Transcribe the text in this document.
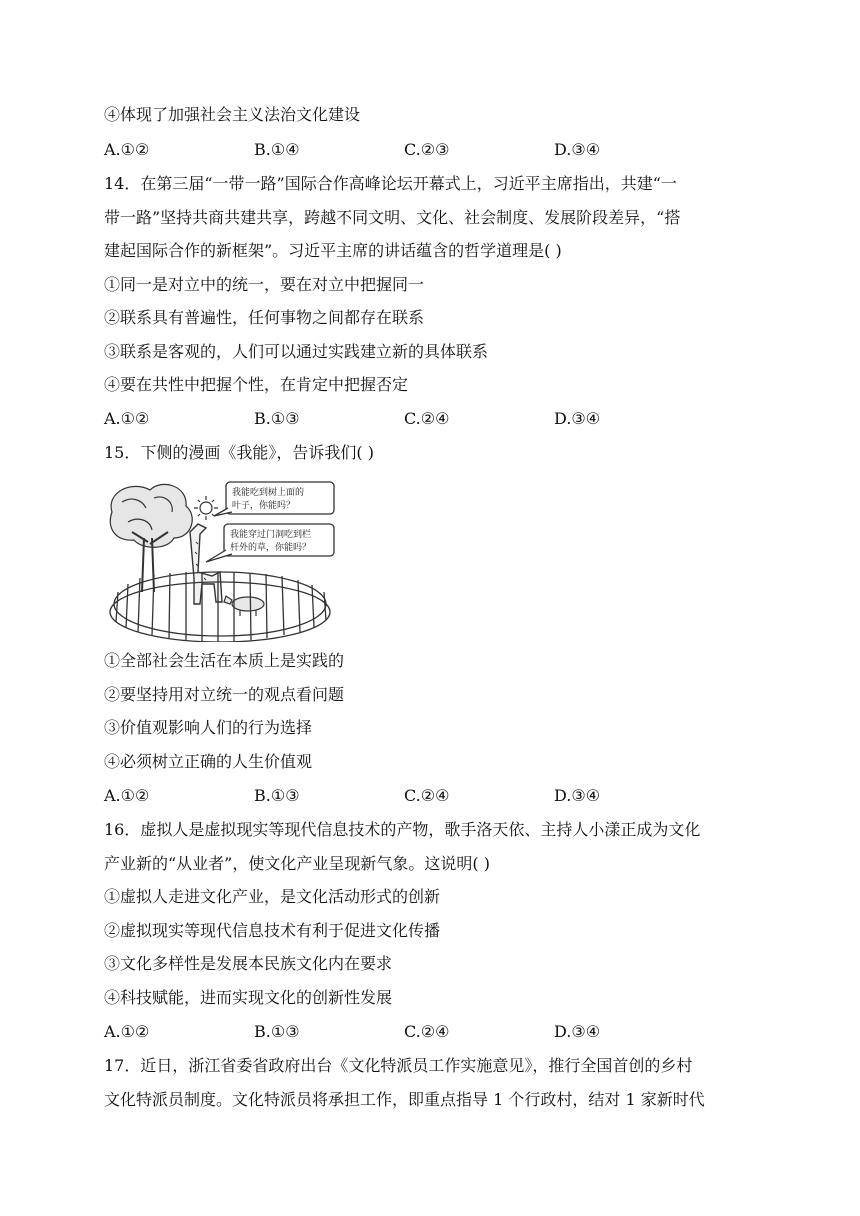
④体现了加强社会主义法治文化建设
A.①②	B.①④	C.②③	D.③④
14．在第三届“一带一路”国际合作高峰论坛开幕式上，习近平主席指出，共建“一
带一路”坚持共商共建共享，跨越不同文明、文化、社会制度、发展阶段差异，“搭
建起国际合作的新框架”。习近平主席的讲话蕴含的哲学道理是( )
①同一是对立中的统一，要在对立中把握同一
②联系具有普遍性，任何事物之间都存在联系
③联系是客观的，人们可以通过实践建立新的具体联系
④要在共性中把握个性，在肯定中把握否定
A.①②	B.①③	C.②④	D.③④
15．下侧的漫画《我能》，告诉我们( )
我能吃到树上面的
叶子，你能吗？
我能穿过门洞吃到栏
杆外的草，你能吗？
①全部社会生活在本质上是实践的
②要坚持用对立统一的观点看问题
③价值观影响人们的行为选择
④必须树立正确的人生价值观
A.①②	B.①③	C.②④	D.③④
16．虚拟人是虚拟现实等现代信息技术的产物，歌手洛天依、主持人小漾正成为文化
产业新的“从业者”，使文化产业呈现新气象。这说明( )
①虚拟人走进文化产业，是文化活动形式的创新
②虚拟现实等现代信息技术有利于促进文化传播
③文化多样性是发展本民族文化内在要求
④科技赋能，进而实现文化的创新性发展
A.①②	B.①③	C.②④	D.③④
17．近日，浙江省委省政府出台《文化特派员工作实施意见》，推行全国首创的乡村
文化特派员制度。文化特派员将承担工作，即重点指导 1 个行政村，结对 1 家新时代
